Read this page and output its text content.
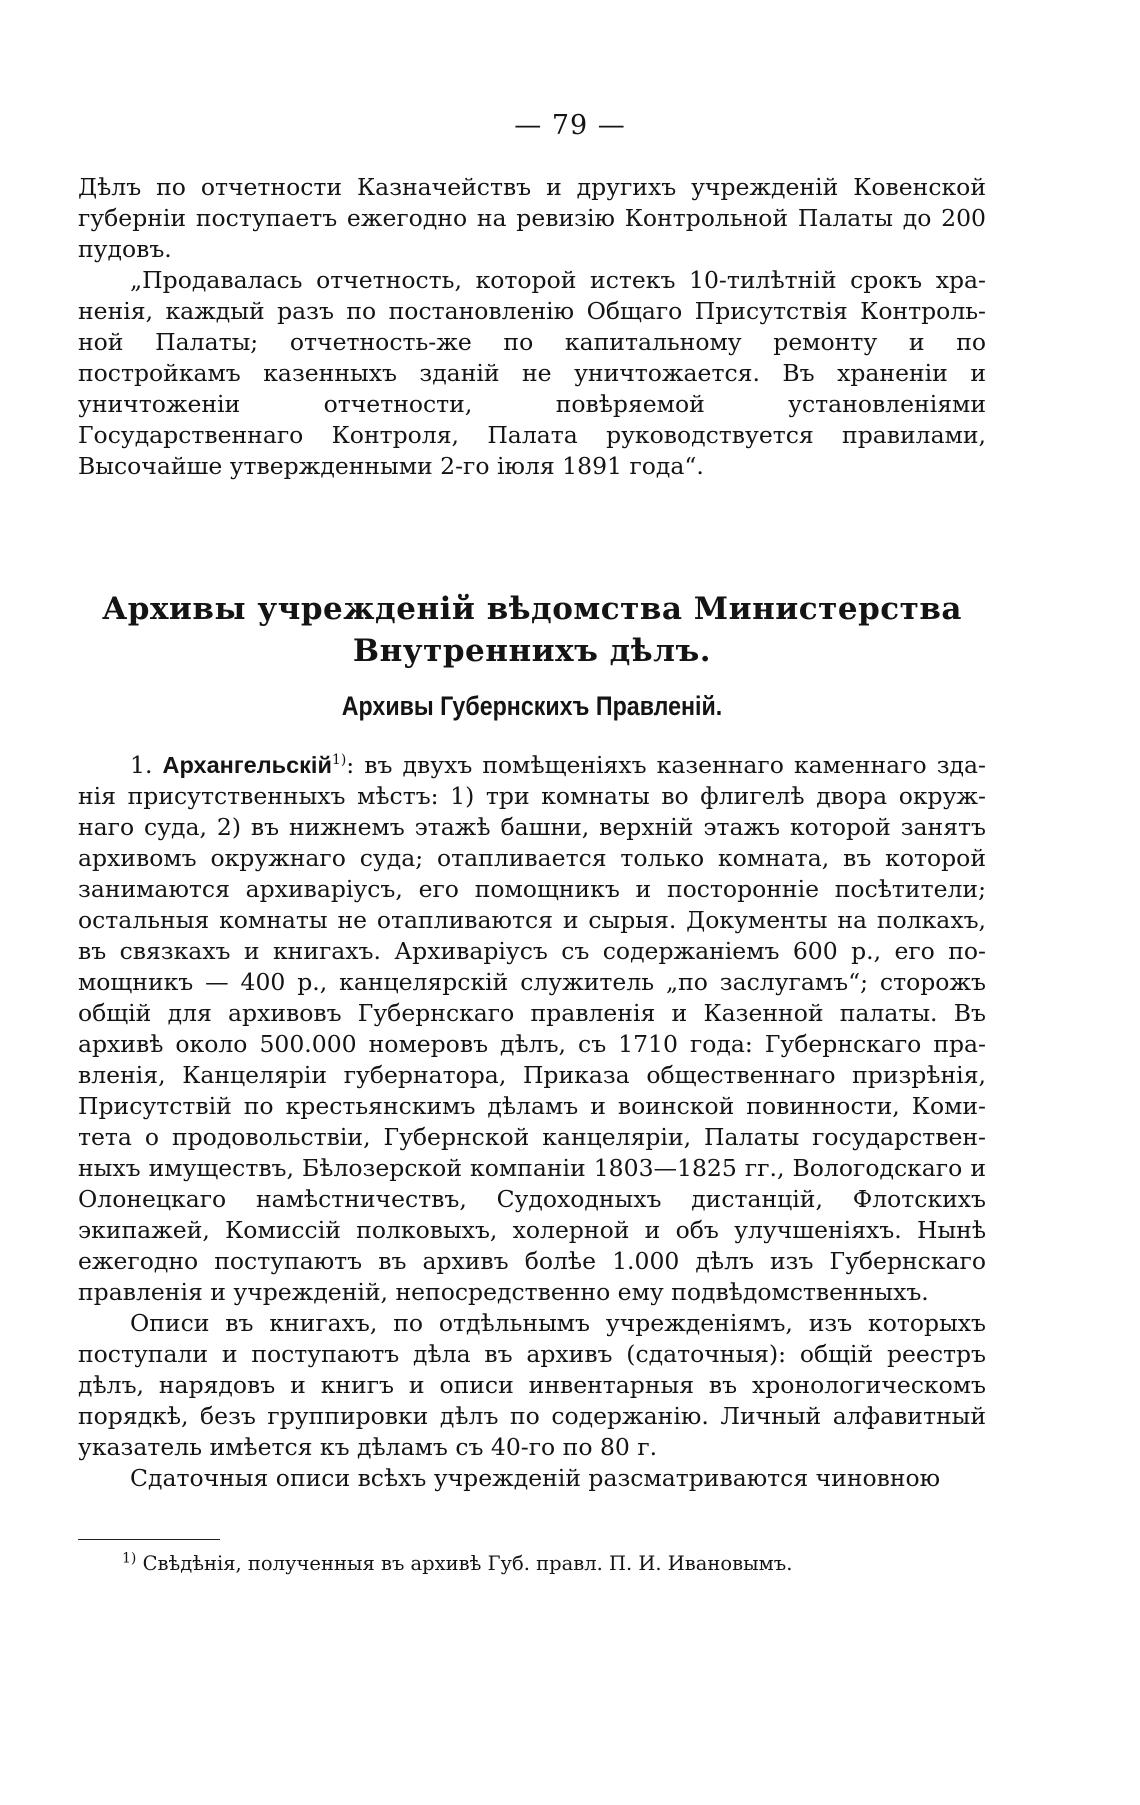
— 79 —

Дѣлъ по отчетности Казначействъ и другихъ учрежденій Ковенской губерніи поступаетъ ежегодно на ревизію Контрольной Палаты до 200 пудовъ.

„Продавалась отчетность, которой истекъ 10-тилѣтній срокъ храненія, каждый разъ по постановленію Общаго Присутствія Контрольной Палаты; отчетность-же по капитальному ремонту и по постройкамъ казенныхъ зданій не уничтожается. Въ храненіи и уничтоженіи отчетности, повѣряемой установленіями Государственнаго Контроля, Палата руководствуется правилами, Высочайше утвержденными 2-го іюля 1891 года“.

Архивы учрежденій вѣдомства Министерства Внутреннихъ дѣлъ.
Архивы Губернскихъ Правленій.

1. Архангельскій$^{1)}$: въ двухъ помѣщеніяхъ казеннаго каменнаго зданія присутственныхъ мѣстъ: 1) три комнаты во флигелѣ двора окружнаго суда, 2) въ нижнемъ этажѣ башни, верхній этажъ которой занятъ архивомъ окружнаго суда; отапливается только комната, въ которой занимаются архиваріусъ, его помощникъ и посторонніе посѣтители; остальныя комнаты не отапливаются и сырыя. Документы на полкахъ, въ связкахъ и книгахъ. Архиваріусъ съ содержаніемъ 600 р., его помощникъ — 400 р., канцелярскій служитель „по заслугамъ“; сторожъ общій для архивовъ Губернскаго правленія и Казенной палаты. Въ архивѣ около 500.000 номеровъ дѣлъ, съ 1710 года: Губернскаго правленія, Канцеляріи губернатора, Приказа общественнаго призрѣнія, Присутствій по крестьянскимъ дѣламъ и воинской повинности, Комитета о продовольствіи, Губернской канцеляріи, Палаты государственныхъ имуществъ, Бѣлозерской компаніи 1803—1825 гг., Вологодскаго и Олонецкаго намѣстничествъ, Судоходныхъ дистанцій, Флотскихъ экипажей, Комиссій полковыхъ, холерной и объ улучшеніяхъ. Нынѣ ежегодно поступаютъ въ архивъ болѣе 1.000 дѣлъ изъ Губернскаго правленія и учрежденій, непосредственно ему подвѣдомственныхъ.

Описи въ книгахъ, по отдѣльнымъ учрежденіямъ, изъ которыхъ поступали и поступаютъ дѣла въ архивъ (сдаточныя): общій реестръ дѣлъ, нарядовъ и книгъ и описи инвентарныя въ хронологическомъ порядкѣ, безъ группировки дѣлъ по содержанію. Личный алфавитный указатель имѣется къ дѣламъ съ 40-го по 80 г.

Сдаточныя описи всѣхъ учрежденій разсматриваются чиновною

$^{1)}$ Свѣдѣнія, полученныя въ архивѣ Губ. правл. П. И. Ивановымъ.
